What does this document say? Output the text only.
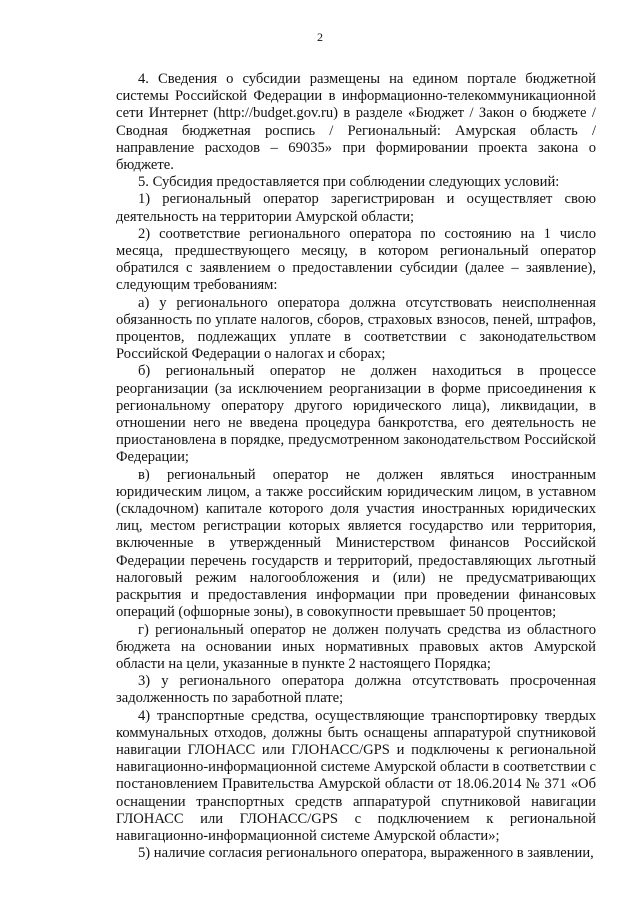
2

4. Сведения о субсидии размещены на едином портале бюджетной системы Российской Федерации в информационно-телекоммуникационной сети Интернет (http://budget.gov.ru) в разделе «Бюджет / Закон о бюджете / Сводная бюджетная роспись / Региональный: Амурская область / направление расходов – 69035» при формировании проекта закона о бюджете.

5. Субсидия предоставляется при соблюдении следующих условий:

1) региональный оператор зарегистрирован и осуществляет свою деятельность на территории Амурской области;

2) соответствие регионального оператора по состоянию на 1 число месяца, предшествующего месяцу, в котором региональный оператор обратился с заявлением о предоставлении субсидии (далее – заявление), следующим требованиям:

а) у регионального оператора должна отсутствовать неисполненная обязанность по уплате налогов, сборов, страховых взносов, пеней, штрафов, процентов, подлежащих уплате в соответствии с законодательством Российской Федерации о налогах и сборах;

б) региональный оператор не должен находиться в процессе реорганизации (за исключением реорганизации в форме присоединения к региональному оператору другого юридического лица), ликвидации, в отношении него не введена процедура банкротства, его деятельность не приостановлена в порядке, предусмотренном законодательством Российской Федерации;

в) региональный оператор не должен являться иностранным юридическим лицом, а также российским юридическим лицом, в уставном (складочном) капитале которого доля участия иностранных юридических лиц, местом регистрации которых является государство или территория, включенные в утвержденный Министерством финансов Российской Федерации перечень государств и территорий, предоставляющих льготный налоговый режим налогообложения и (или) не предусматривающих раскрытия и предоставления информации при проведении финансовых операций (офшорные зоны), в совокупности превышает 50 процентов;

г) региональный оператор не должен получать средства из областного бюджета на основании иных нормативных правовых актов Амурской области на цели, указанные в пункте 2 настоящего Порядка;

3) у регионального оператора должна отсутствовать просроченная задолженность по заработной плате;

4) транспортные средства, осуществляющие транспортировку твердых коммунальных отходов, должны быть оснащены аппаратурой спутниковой навигации ГЛОНАСС или ГЛОНАСС/GPS и подключены к региональной навигационно-информационной системе Амурской области в соответствии с постановлением Правительства Амурской области от 18.06.2014 № 371 «Об оснащении транспортных средств аппаратурой спутниковой навигации ГЛОНАСС или ГЛОНАСС/GPS с подключением к региональной навигационно-информационной системе Амурской области»;

5) наличие согласия регионального оператора, выраженного в заявлении,
